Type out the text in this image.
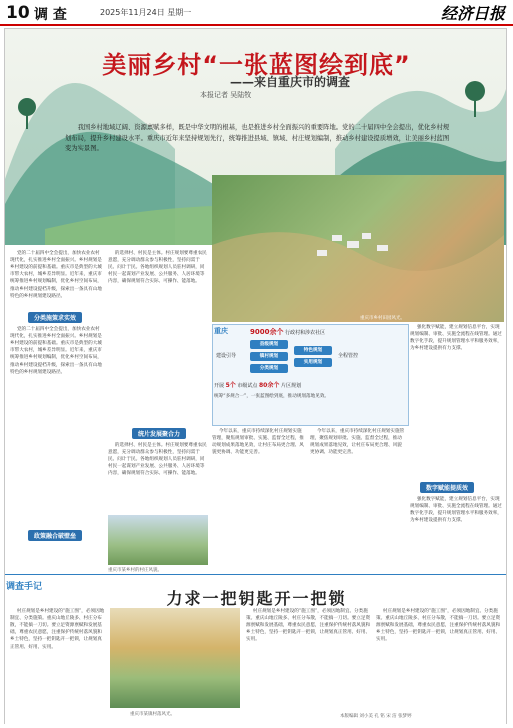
10 调 查	2025年11月24日 星期一	经济日报
美丽乡村“一张蓝图绘到底”
——来自重庆市的调查
本报记者 吴陆牧
我国乡村地域辽阔、资源禀赋多样，既是中华文明的根基，也是推进乡村全面振兴的重要阵地。党的二十届四中全会提出，优化乡村规划布局，提升乡村建设水平。重庆市近年来坚持规划先行，统筹推进县域、镇域、村庄规划编制，推动乡村建设提质增效，让美丽乡村蓝图变为实景图。

党的二十届四中全会提出，加快农业农村现代化，扎实推进乡村全面振兴。乡村规划是乡村建设的前提和基础。重庆市是典型的大城市带大农村，城乡差异明显。近年来，重庆市统筹推进乡村规划编制，优化乡村空间布局，推动乡村建设提档升级，探索出一条具有山地特色的乡村规划建设路径。

分类施策求实效

党的二十届四中全会提出，加快农业农村现代化，扎实推进乡村全面振兴。乡村规划是乡村建设的前提和基础。重庆市是典型的大城市带大农村，城乡差异明显。近年来，重庆市统筹推进乡村规划编制，优化乡村空间布局，推动乡村建设提档升级，探索出一条具有山地特色的乡村规划建设路径。

政策融合破壁垒

的选择村、村民是主体。村庄规划要尊重农民意愿，充分调动群众参与积极性，坚持问需于民、问计于民。各地组织规划人员驻村调研，同村民一起谋划产业发展、公共服务、人居环境等内容，确保规划符合实际、可操作、能落地。

统片发展聚合力

的选择村、村民是主体。村庄规划要尊重农民意愿，充分调动群众参与积极性，坚持问需于民、问计于民。各地组织规划人员驻村调研，同村民一起谋划产业发展、公共服务、人居环境等内容，确保规划符合实际、可操作、能落地。

重庆市某乡村的村庄风貌。
重庆市乡村田园风光。
重庆	9000余个 行政村和涉农社区
建设引导
县级规划
镇村规划
分类规划
特色规划
实用规划
全程管控
开展 5个 市级试点 80余个 片区规划
统筹“多规合一”，一张蓝图绘到底，推动规划落地见效。

强化数字赋能，建立规划信息平台，实现规划编制、审批、实施全流程在线管理。通过数字化手段，提升规划管理水平和服务效率，为乡村建设提供有力支撑。

数字赋能提质效

强化数字赋能，建立规划信息平台，实现规划编制、审批、实施全流程在线管理。通过数字化手段，提升规划管理水平和服务效率，为乡村建设提供有力支撑。

今年以来，重庆市持续深化村庄规划实施管理，聚焦规划审批、实施、监督全过程，推动规划成果落地见效，让村庄布局更合理、风貌更协调、功能更完善。

今年以来，重庆市持续深化村庄规划实施管理，聚焦规划审批、实施、监督全过程，推动规划成果落地见效，让村庄布局更合理、风貌更协调、功能更完善。

调查手记
力求一把钥匙开一把锁

村庄规划是乡村建设的“施工图”，必须因地制宜、分类施策。重庆山地丘陵多、村庄分布散，不能搞一刀切。要立足资源禀赋和发展基础，尊重农民意愿，注重保护传统村落风貌和乡土特色，坚持一把钥匙开一把锁，让规划真正管用、好用、实用。

重庆市某镇村落风光。

村庄规划是乡村建设的“施工图”，必须因地制宜、分类施策。重庆山地丘陵多、村庄分布散，不能搞一刀切。要立足资源禀赋和发展基础，尊重农民意愿，注重保护传统村落风貌和乡土特色，坚持一把钥匙开一把锁，让规划真正管用、好用、实用。

村庄规划是乡村建设的“施工图”，必须因地制宜、分类施策。重庆山地丘陵多、村庄分布散，不能搞一刀切。要立足资源禀赋和发展基础，尊重农民意愿，注重保护传统村落风貌和乡土特色，坚持一把钥匙开一把锁，让规划真正管用、好用、实用。

本版编辑 刘小美 孔 铭 宋 洁 张梦婷
